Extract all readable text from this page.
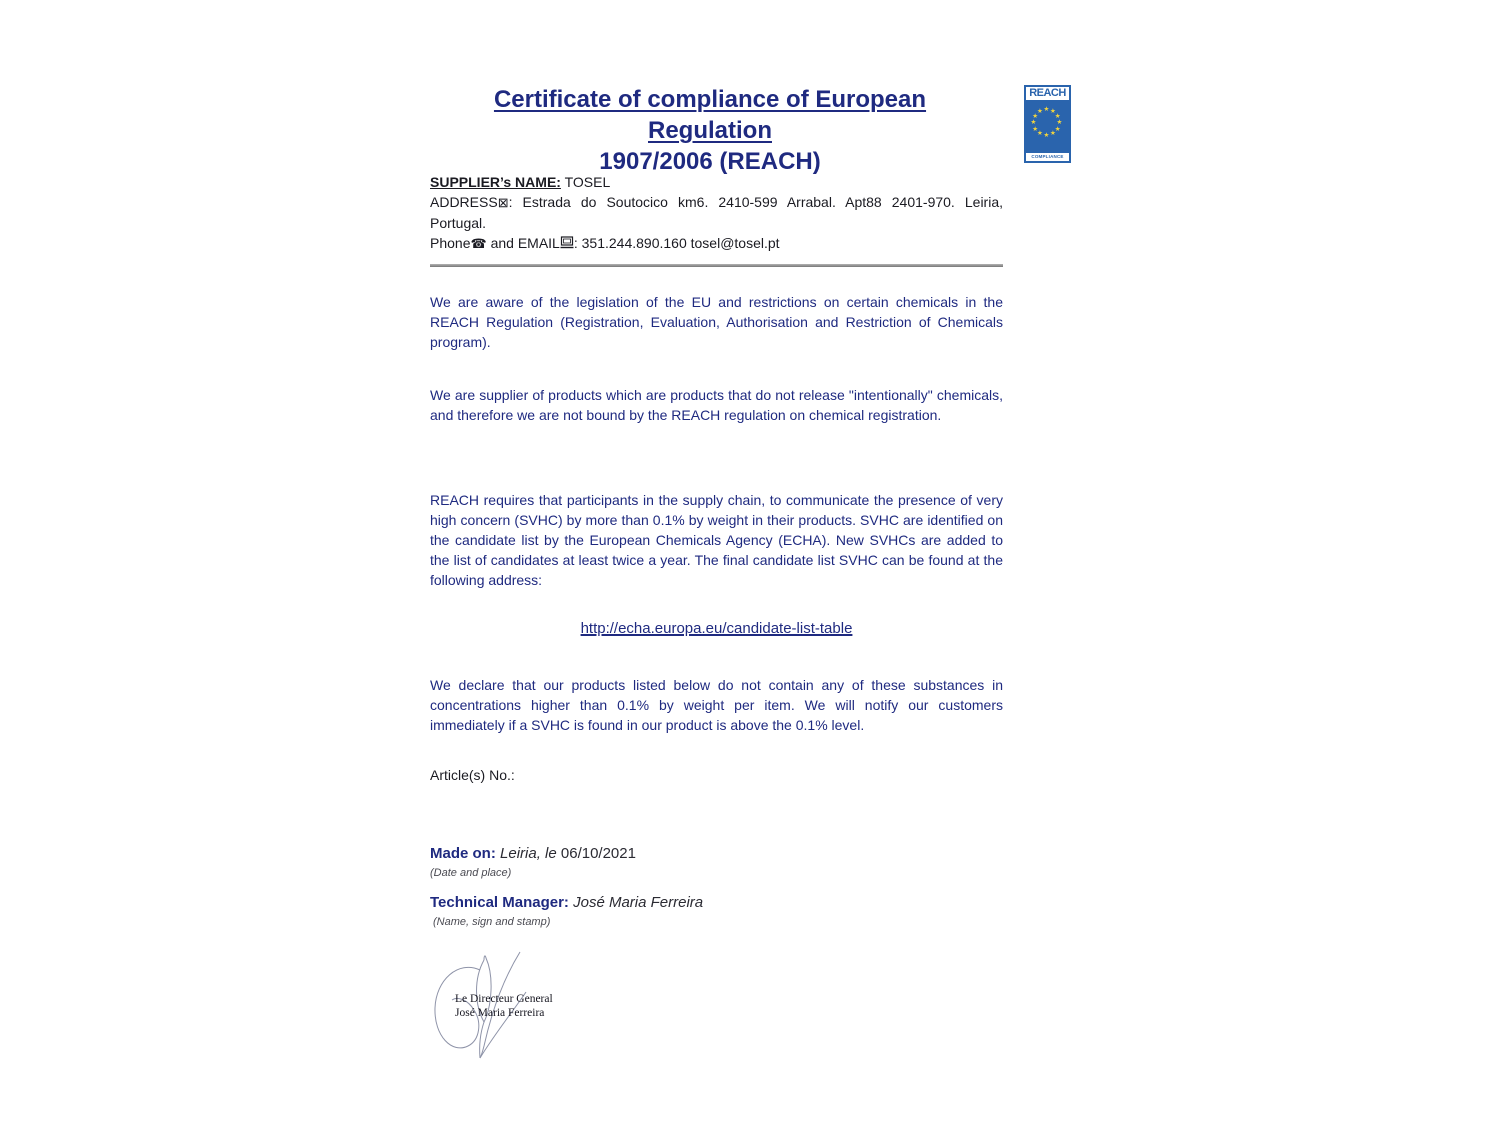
Certificate of compliance of European Regulation
1907/2006 (REACH)
REACH
★ ★
★
★
★
★
★
★
★
★
★
★
COMPLIANCE
SUPPLIER’s NAME: TOSEL
ADDRESS⊠: Estrada do Soutocico km6. 2410-599 Arrabal. Apt88 2401-970. Leiria, Portugal.
Phone☎ and EMAIL : 351.244.890.160 tosel@tosel.pt
We are aware of the legislation of the EU and restrictions on certain chemicals in the REACH Regulation (Registration, Evaluation, Authorisation and Restriction of Chemicals program).
We are supplier of products which are products that do not release "intentionally" chemicals, and therefore we are not bound by the REACH regulation on chemical registration.
REACH requires that participants in the supply chain, to communicate the presence of very high concern (SVHC) by more than 0.1% by weight in their products. SVHC are identified on the candidate list by the European Chemicals Agency (ECHA). New SVHCs are added to the list of candidates at least twice a year. The final candidate list SVHC can be found at the following address:
http://echa.europa.eu/candidate-list-table
We declare that our products listed below do not contain any of these substances in concentrations higher than 0.1% by weight per item. We will notify our customers immediately if a SVHC is found in our product is above the 0.1% level.
Article(s) No.:
Made on: Leiria, le 06/10/2021
(Date and place)
Technical Manager: José Maria Ferreira
(Name, sign and stamp)
Le Directeur General
José Maria Ferreira
